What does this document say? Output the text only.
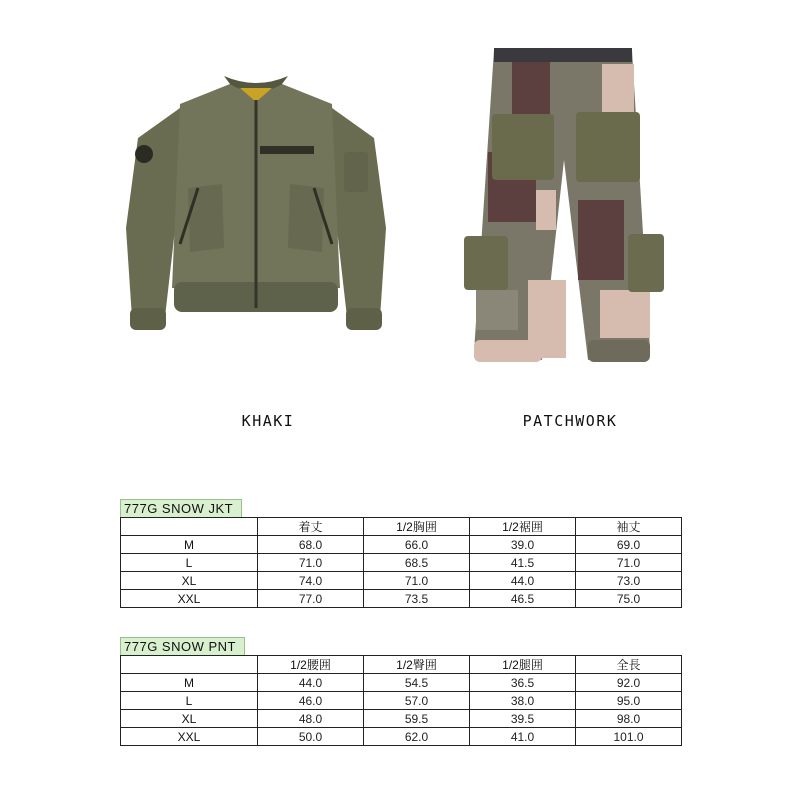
KHAKI	PATCHWORK
777G SNOW JKT
	着丈	1/2胸囲	1/2裾囲	袖丈
M	68.0	66.0	39.0	69.0
L	71.0	68.5	41.5	71.0
XL	74.0	71.0	44.0	73.0
XXL	77.0	73.5	46.5	75.0
777G SNOW PNT
	1/2腰囲	1/2臀囲	1/2腿囲	全長
M	44.0	54.5	36.5	92.0
L	46.0	57.0	38.0	95.0
XL	48.0	59.5	39.5	98.0
XXL	50.0	62.0	41.0	101.0
